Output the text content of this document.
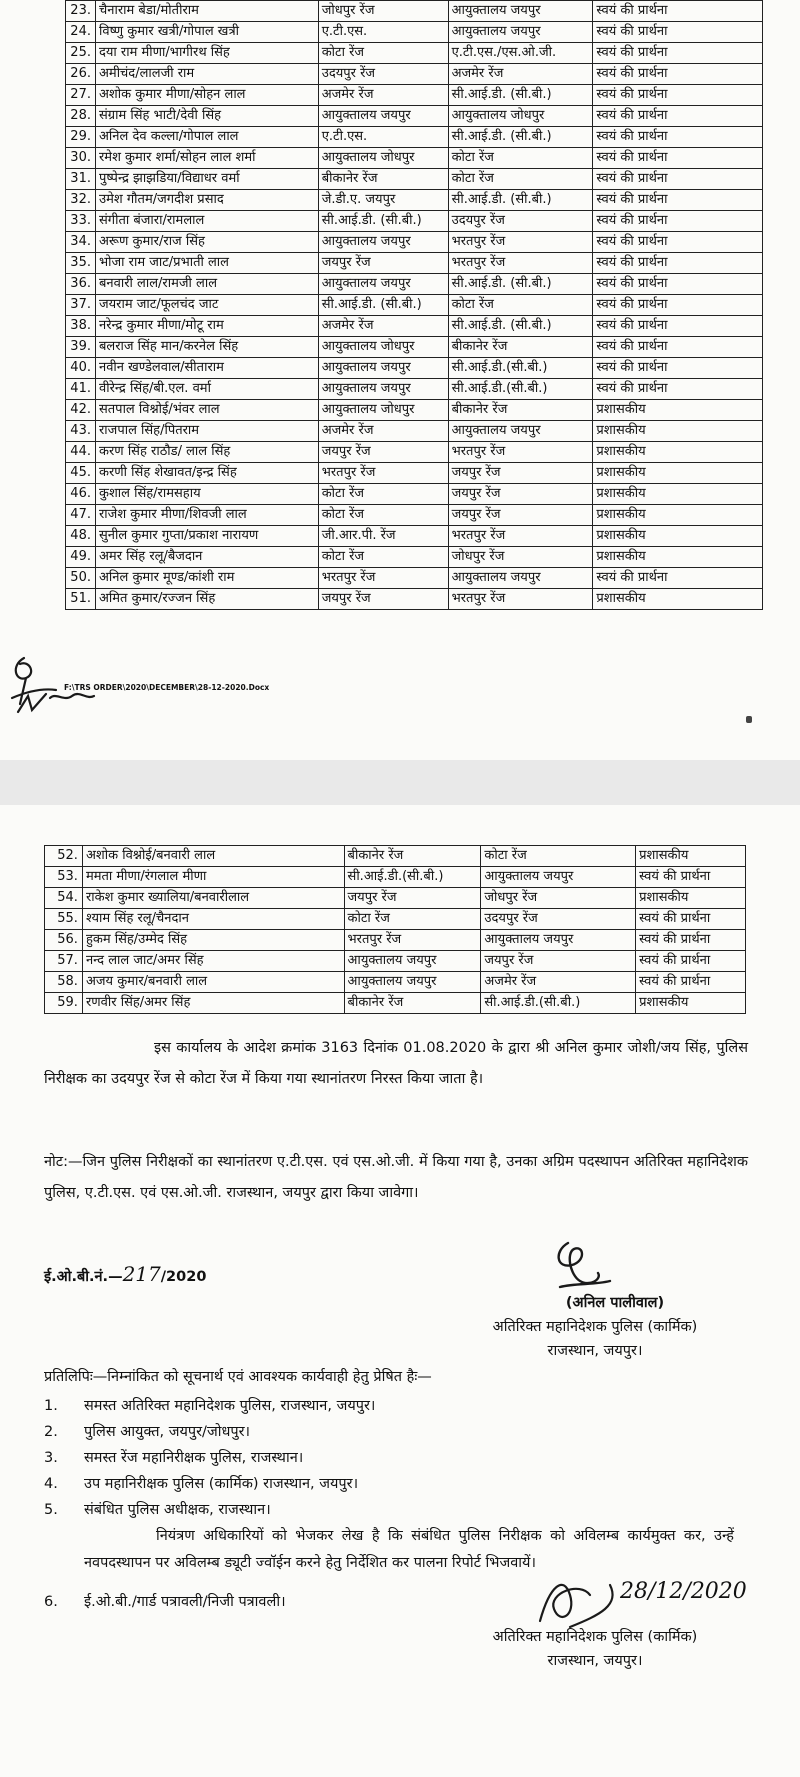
23.	चैनाराम बेडा/मोतीराम	जोधपुर रेंज	आयुक्तालय जयपुर	स्वयं की प्रार्थना
24.	विष्णु कुमार खत्री/गोपाल खत्री	ए.टी.एस.	आयुक्तालय जयपुर	स्वयं की प्रार्थना
25.	दया राम मीणा/भागीरथ सिंह	कोटा रेंज	ए.टी.एस./एस.ओ.जी.	स्वयं की प्रार्थना
26.	अमीचंद/लालजी राम	उदयपुर रेंज	अजमेर रेंज	स्वयं की प्रार्थना
27.	अशोक कुमार मीणा/सोहन लाल	अजमेर रेंज	सी.आई.डी. (सी.बी.)	स्वयं की प्रार्थना
28.	संग्राम सिंह भाटी/देवी सिंह	आयुक्तालय जयपुर	आयुक्तालय जोधपुर	स्वयं की प्रार्थना
29.	अनिल देव कल्ला/गोपाल लाल	ए.टी.एस.	सी.आई.डी. (सी.बी.)	स्वयं की प्रार्थना
30.	रमेश कुमार शर्मा/सोहन लाल शर्मा	आयुक्तालय जोधपुर	कोटा रेंज	स्वयं की प्रार्थना
31.	पुष्पेन्द्र झाझडिया/विद्याधर वर्मा	बीकानेर रेंज	कोटा रेंज	स्वयं की प्रार्थना
32.	उमेश गौतम/जगदीश प्रसाद	जे.डी.ए. जयपुर	सी.आई.डी. (सी.बी.)	स्वयं की प्रार्थना
33.	संगीता बंजारा/रामलाल	सी.आई.डी. (सी.बी.)	उदयपुर रेंज	स्वयं की प्रार्थना
34.	अरूण कुमार/राज सिंह	आयुक्तालय जयपुर	भरतपुर रेंज	स्वयं की प्रार्थना
35.	भोजा राम जाट/प्रभाती लाल	जयपुर रेंज	भरतपुर रेंज	स्वयं की प्रार्थना
36.	बनवारी लाल/रामजी लाल	आयुक्तालय जयपुर	सी.आई.डी. (सी.बी.)	स्वयं की प्रार्थना
37.	जयराम जाट/फूलचंद जाट	सी.आई.डी. (सी.बी.)	कोटा रेंज	स्वयं की प्रार्थना
38.	नरेन्द्र कुमार मीणा/मोटू राम	अजमेर रेंज	सी.आई.डी. (सी.बी.)	स्वयं की प्रार्थना
39.	बलराज सिंह मान/करनेल सिंह	आयुक्तालय जोधपुर	बीकानेर रेंज	स्वयं की प्रार्थना
40.	नवीन खण्डेलवाल/सीताराम	आयुक्तालय जयपुर	सी.आई.डी.(सी.बी.)	स्वयं की प्रार्थना
41.	वीरेन्द्र सिंह/बी.एल. वर्मा	आयुक्तालय जयपुर	सी.आई.डी.(सी.बी.)	स्वयं की प्रार्थना
42.	सतपाल विश्नोई/भंवर लाल	आयुक्तालय जोधपुर	बीकानेर रेंज	प्रशासकीय
43.	राजपाल सिंह/पितराम	अजमेर रेंज	आयुक्तालय जयपुर	प्रशासकीय
44.	करण सिंह राठौड/ लाल सिंह	जयपुर रेंज	भरतपुर रेंज	प्रशासकीय
45.	करणी सिंह शेखावत/इन्द्र सिंह	भरतपुर रेंज	जयपुर रेंज	प्रशासकीय
46.	कुशाल सिंह/रामसहाय	कोटा रेंज	जयपुर रेंज	प्रशासकीय
47.	राजेश कुमार मीणा/शिवजी लाल	कोटा रेंज	जयपुर रेंज	प्रशासकीय
48.	सुनील कुमार गुप्ता/प्रकाश नारायण	जी.आर.पी. रेंज	भरतपुर रेंज	प्रशासकीय
49.	अमर सिंह रलू/बैजदान	कोटा रेंज	जोधपुर रेंज	प्रशासकीय
50.	अनिल कुमार मूण्ड/कांशी राम	भरतपुर रेंज	आयुक्तालय जयपुर	स्वयं की प्रार्थना
51.	अमित कुमार/रज्जन सिंह	जयपुर रेंज	भरतपुर रेंज	प्रशासकीय
F:\TRS ORDER\2020\DECEMBER\28-12-2020.Docx
52.	अशोक विश्नोई/बनवारी लाल	बीकानेर रेंज	कोटा रेंज	प्रशासकीय
53.	ममता मीणा/रंगलाल मीणा	सी.आई.डी.(सी.बी.)	आयुक्तालय जयपुर	स्वयं की प्रार्थना
54.	राकेश कुमार ख्यालिया/बनवारीलाल	जयपुर रेंज	जोधपुर रेंज	प्रशासकीय
55.	श्याम सिंह रलू/चैनदान	कोटा रेंज	उदयपुर रेंज	स्वयं की प्रार्थना
56.	हुकम सिंह/उम्मेद सिंह	भरतपुर रेंज	आयुक्तालय जयपुर	स्वयं की प्रार्थना
57.	नन्द लाल जाट/अमर सिंह	आयुक्तालय जयपुर	जयपुर रेंज	स्वयं की प्रार्थना
58.	अजय कुमार/बनवारी लाल	आयुक्तालय जयपुर	अजमेर रेंज	स्वयं की प्रार्थना
59.	रणवीर सिंह/अमर सिंह	बीकानेर रेंज	सी.आई.डी.(सी.बी.)	प्रशासकीय
इस कार्यालय के आदेश क्रमांक 3163 दिनांक 01.08.2020 के द्वारा श्री अनिल कुमार जोशी/जय सिंह, पुलिस निरीक्षक का उदयपुर रेंज से कोटा रेंज में किया गया स्थानांतरण निरस्त किया जाता है।
नोट:—जिन पुलिस निरीक्षकों का स्थानांतरण ए.टी.एस. एवं एस.ओ.जी. में किया गया है, उनका अग्रिम पदस्थापन अतिरिक्त महानिदेशक पुलिस, ए.टी.एस. एवं एस.ओ.जी. राजस्थान, जयपुर द्वारा किया जावेगा।
ई.ओ.बी.नं.—217/2020
(अनिल पालीवाल)
अतिरिक्त महानिदेशक पुलिस (कार्मिक)
राजस्थान, जयपुर।
प्रतिलिपिः—निम्नांकित को सूचनार्थ एवं आवश्यक कार्यवाही हेतु प्रेषित हैः—
1.	समस्त अतिरिक्त महानिदेशक पुलिस, राजस्थान, जयपुर।
2.	पुलिस आयुक्त, जयपुर/जोधपुर।
3.	समस्त रेंज महानिरीक्षक पुलिस, राजस्थान।
4.	उप महानिरीक्षक पुलिस (कार्मिक) राजस्थान, जयपुर।
5.	संबंधित पुलिस अधीक्षक, राजस्थान।
नियंत्रण अधिकारियों को भेजकर लेख है कि संबंधित पुलिस निरीक्षक को अविलम्ब कार्यमुक्त कर, उन्हें नवपदस्थापन पर अविलम्ब ड्यूटी ज्वॉईन करने हेतु निर्देशित कर पालना रिपोर्ट भिजवायें।
6.	ई.ओ.बी./गार्ड पत्रावली/निजी पत्रावली।	28/12/2020
अतिरिक्त महानिदेशक पुलिस (कार्मिक)
राजस्थान, जयपुर।
